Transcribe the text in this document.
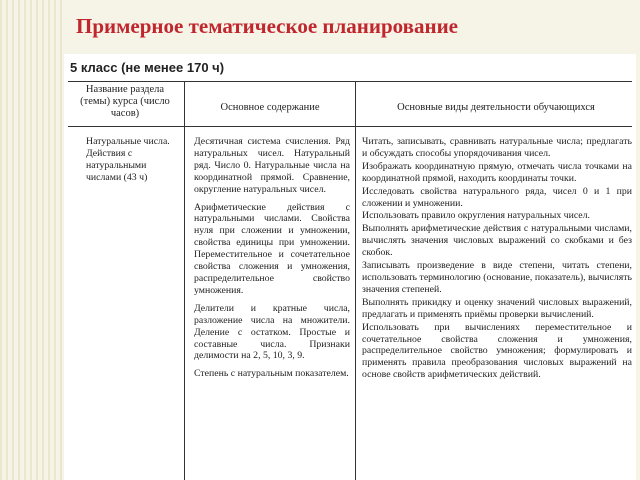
Примерное тематическое планирование
5 класс (не менее 170 ч)
Название раздела (темы) курса (число часов)
Основное содержание	Основные виды деятельности обучающихся
Натуральные числа. Действия с натуральными числами (43 ч)
Десятичная система счисления. Ряд натуральных чисел. Натуральный ряд. Число 0. Натуральные числа на координатной прямой. Сравнение, округление натуральных чисел.
Арифметические действия с натуральными числами. Свойства нуля при сложении и умножении, свойства единицы при умножении. Переместительное и сочетательное свойства сложения и умножения, распределительное свойство умножения.
Делители и кратные числа, разложение числа на множители. Деление с остатком. Простые и составные числа. Признаки делимости на 2, 5, 10, 3, 9.
Степень с натуральным показателем.
Читать, записывать, сравнивать натуральные числа; предлагать и обсуждать способы упорядочивания чисел.
Изображать координатную прямую, отмечать числа точками на координатной прямой, находить координаты точки.
Исследовать свойства натурального ряда, чисел 0 и 1 при сложении и умножении.
Использовать правило округления натуральных чисел.
Выполнять арифметические действия с натуральными числами, вычислять значения числовых выражений со скобками и без скобок.
Записывать произведение в виде степени, читать степени, использовать терминологию (основание, показатель), вычислять значения степеней.
Выполнять прикидку и оценку значений числовых выражений, предлагать и применять приёмы проверки вычислений.
Использовать при вычислениях переместительное и сочетательное свойства сложения и умножения, распределительное свойство умножения; формулировать и применять правила преобразования числовых выражений на основе свойств арифметических действий.
